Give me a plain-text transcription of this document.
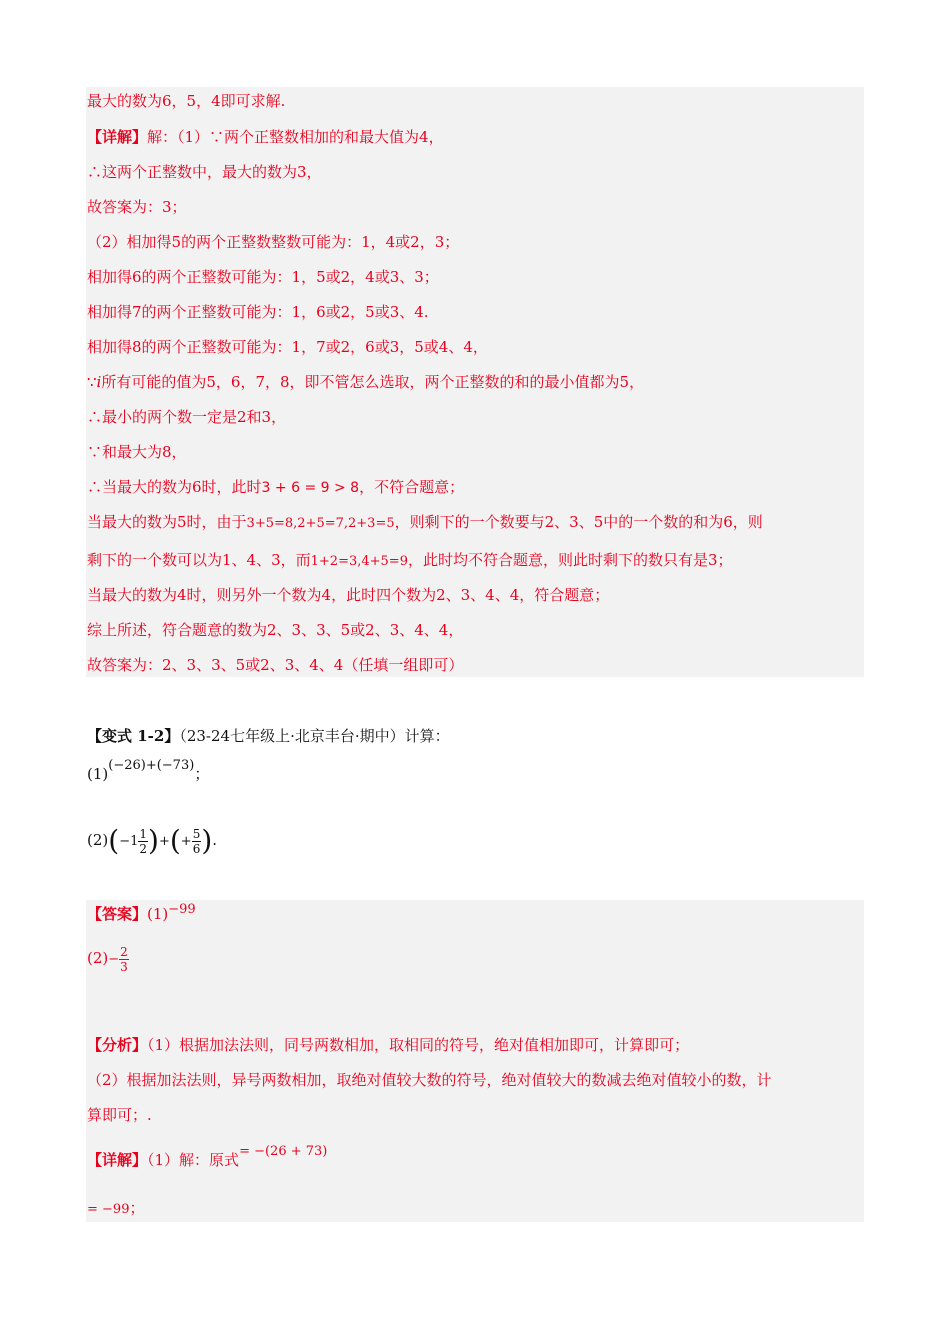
最大的数为6，5，4即可求解.
【详解】解：（1）∵两个正整数相加的和最大值为4，
∴这两个正整数中，最大的数为3，
故答案为：3；
（2）相加得5的两个正整数整数可能为：1，4或2，3；
相加得6的两个正整数可能为：1，5或2，4或3、3；
相加得7的两个正整数可能为：1，6或2，5或3、4.
相加得8的两个正整数可能为：1，7或2，6或3，5或4、4，
∵i所有可能的值为5，6，7，8，即不管怎么选取，两个正整数的和的最小值都为5，
∴最小的两个数一定是2和3，
∵和最大为8，
∴当最大的数为6时，此时3 + 6 = 9 > 8，不符合题意；
当最大的数为5时，由于3+5=8,2+5=7,2+3=5，则剩下的一个数要与2、3、5中的一个数的和为6，则
剩下的一个数可以为1、4、3，而1+2=3,4+5=9，此时均不符合题意，则此时剩下的数只有是3；
当最大的数为4时，则另外一个数为4，此时四个数为2、3、4、4，符合题意；
综上所述，符合题意的数为2、3、3、5或2、3、4、4，
故答案为：2、3、3、5或2、3、4、4（任填一组即可）
【变式 1-2】（23-24七年级上·北京丰台·期中）计算：
(1)(−26)+(−73)；
$(2)(-1 \frac{1}{2}$ )+(+ $\frac{5}{6}$ ).
【答案】(1)−99
$(2)- \frac{2}{3}$
【分析】（1）根据加法法则，同号两数相加，取相同的符号，绝对值相加即可，计算即可；
（2）根据加法法则，异号两数相加，取绝对值较大数的符号，绝对值较大的数减去绝对值较小的数，计
算即可；.
【详解】（1）解：原式= −(26 + 73)
= −99；
